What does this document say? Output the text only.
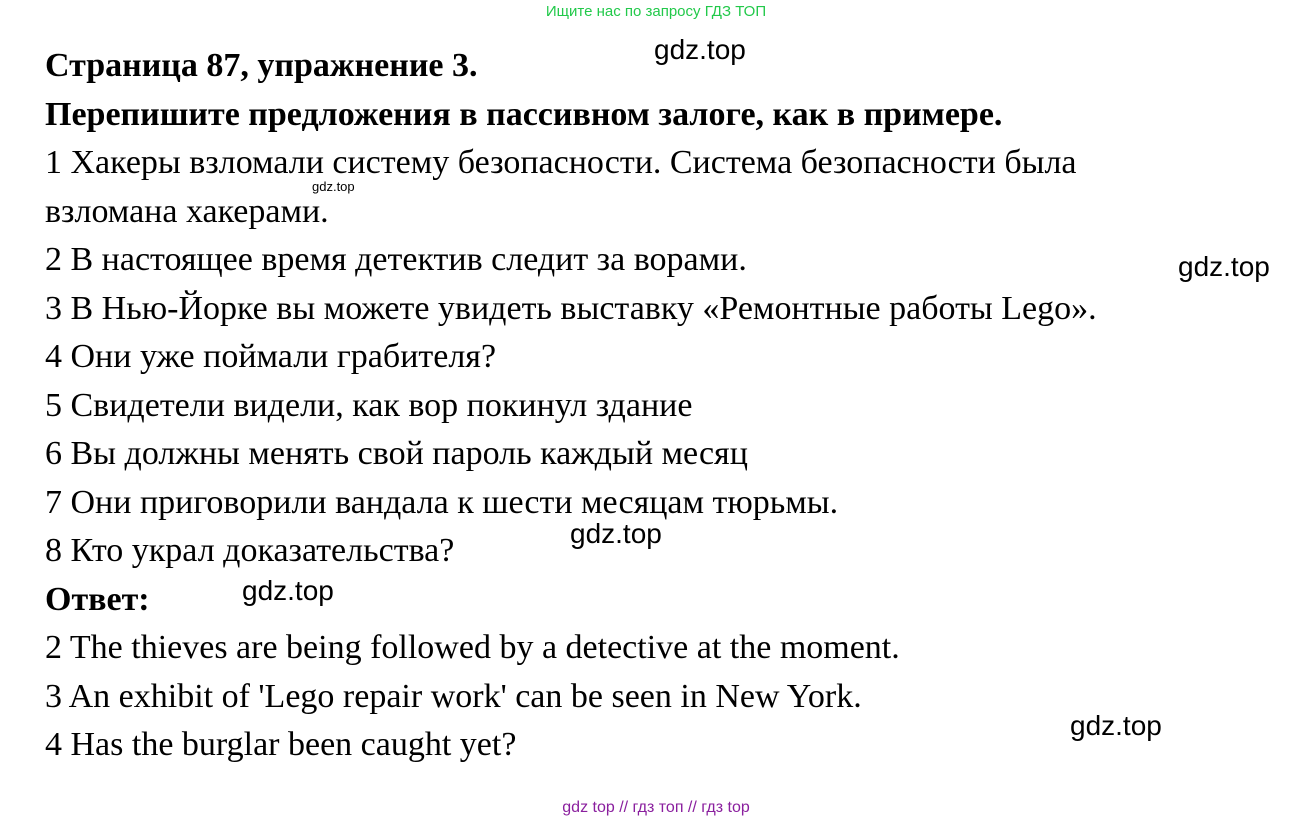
Ищите нас по запросу ГДЗ ТОП
Страница 87, упражнение 3.
Перепишите предложения в пассивном залоге, как в примере.
1 Хакеры взломали систему безопасности. Система безопасности была
взломана хакерами.
2 В настоящее время детектив следит за ворами.
3 В Нью-Йорке вы можете увидеть выставку «Ремонтные работы Lego».
4 Они уже поймали грабителя?
5 Свидетели видели, как вор покинул здание
6 Вы должны менять свой пароль каждый месяц
7 Они приговорили вандала к шести месяцам тюрьмы.
8 Кто украл доказательства?
Ответ:
2 The thieves are being followed by a detective at the moment.
3 An exhibit of 'Lego repair work' can be seen in New York.
4 Has the burglar been caught yet?
gdz.top
gdz.top
gdz.top
gdz.top
gdz.top
gdz.top
gdz top // гдз топ // гдз top
